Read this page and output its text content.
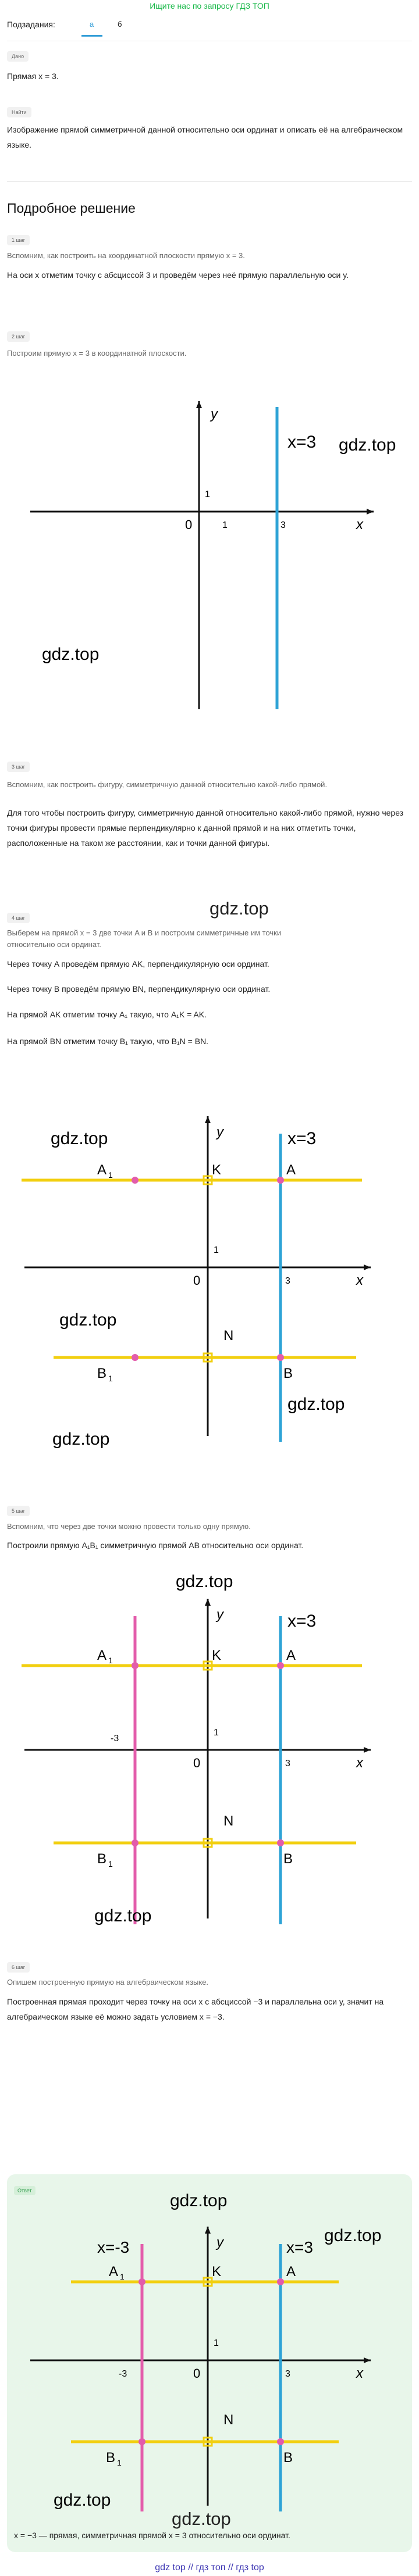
Ищите нас по запросу ГДЗ ТОП
Подзадания:	а	б
Дано
Прямая x = 3.
Найти
Изображение прямой симметричной данной относительно оси ординат и описать её на алгебраическом языке.
Подробное решение
1 шаг
Вспомним, как построить на координатной плоскости прямую x = 3.
На оси x отметим точку с абсциссой 3 и проведём через неё прямую параллельную оси y.
2 шаг
Построим прямую x = 3 в координатной плоскости.
x
y
0
1
1	3
x=3 gdz.top
gdz.top
3 шаг
Вспомним, как построить фигуру, симметричную данной относительно какой-либо прямой.
Для того чтобы построить фигуру, симметричную данной относительно какой-либо прямой, нужно через точки фигуры провести прямые перпендикулярно к данной прямой и на них отметить точки, расположенные на таком же расстоянии, как и точки данной фигуры.
4 шаг	gdz.top
Выберем на прямой x = 3 две точки A и B и построим симметричные им точки относительно оси ординат.
Через точку A проведём прямую AK, перпендикулярную оси ординат.
Через точку B проведём прямую BN, перпендикулярную оси ординат.
На прямой AK отметим точку A₁ такую, что A₁K = AK.
На прямой BN отметим точку B₁ такую, что B₁N = BN.
A 1	A
K
N
B 1	B
x
y
0
1
3
x=3
gdz.top
gdz.top
gdz.top
gdz.top
5 шаг
Вспомним, что через две точки можно провести только одну прямую.
Построили прямую A₁B₁ симметричную прямой AB относительно оси ординат.
A 1	A
K
N
B 1	B
x
y
0
1
3
-3
x=3
gdz.top
gdz.top
6 шаг
Опишем построенную прямую на алгебраическом языке.
Построенная прямая проходит через точку на оси x с абсциссой −3 и параллельна оси y, значит на алгебраическом языке её можно задать условием x = −3.
Ответ
A 1	A
K
N
B 1	B
x
y
0
1
3
-3
x=3
x=-3
gdz.top
gdz.top
gdz.top
gdz.top
x = −3 — прямая, симметричная прямой x = 3 относительно оси ординат.
gdz top // гдз топ // гдз top
